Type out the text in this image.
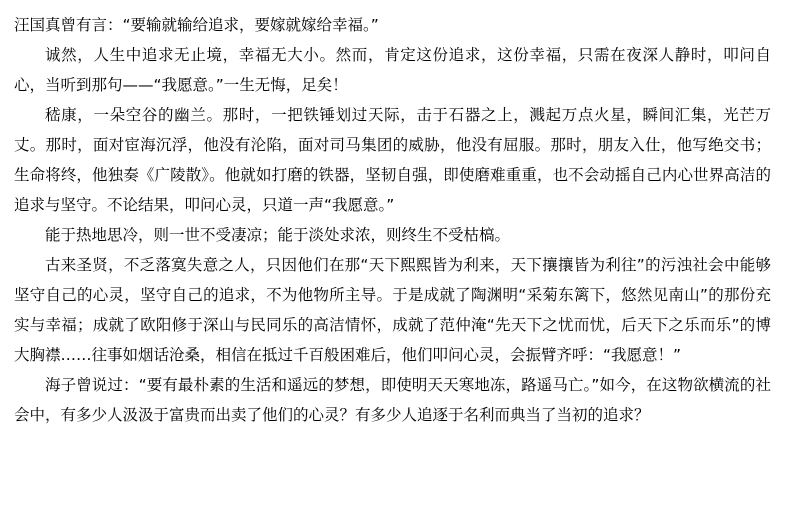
汪国真曾有言：“要输就输给追求，要嫁就嫁给幸福。”

诚然，人生中追求无止境，幸福无大小。然而，肯定这份追求，这份幸福，只需在夜深人静时，叩问自心，当听到那句——“我愿意。”一生无悔，足矣！

嵇康，一朵空谷的幽兰。那时，一把铁锤划过天际，击于石器之上，溅起万点火星，瞬间汇集，光芒万丈。那时，面对宦海沉浮，他没有沦陷，面对司马集团的威胁，他没有屈服。那时，朋友入仕，他写绝交书；生命将终，他独奏《广陵散》。他就如打磨的铁器，坚韧自强，即使磨难重重，也不会动摇自己内心世界高洁的追求与坚守。不论结果，叩问心灵，只道一声“我愿意。”

能于热地思冷，则一世不受凄凉；能于淡处求浓，则终生不受枯槁。

古来圣贤，不乏落寞失意之人，只因他们在那“天下熙熙皆为利来，天下攘攘皆为利往”的污浊社会中能够坚守自己的心灵，坚守自己的追求，不为他物所主导。于是成就了陶渊明“采菊东篱下，悠然见南山”的那份充实与幸福；成就了欧阳修于深山与民同乐的高洁情怀，成就了范仲淹“先天下之忧而忧，后天下之乐而乐”的博大胸襟……往事如烟话沧桑，相信在抵过千百般困难后，他们叩问心灵，会振臂齐呼：“我愿意！”

海子曾说过：“要有最朴素的生活和遥远的梦想，即使明天天寒地冻，路遥马亡。”如今，在这物欲横流的社会中，有多少人汲汲于富贵而出卖了他们的心灵？有多少人追逐于名利而典当了当初的追求？
